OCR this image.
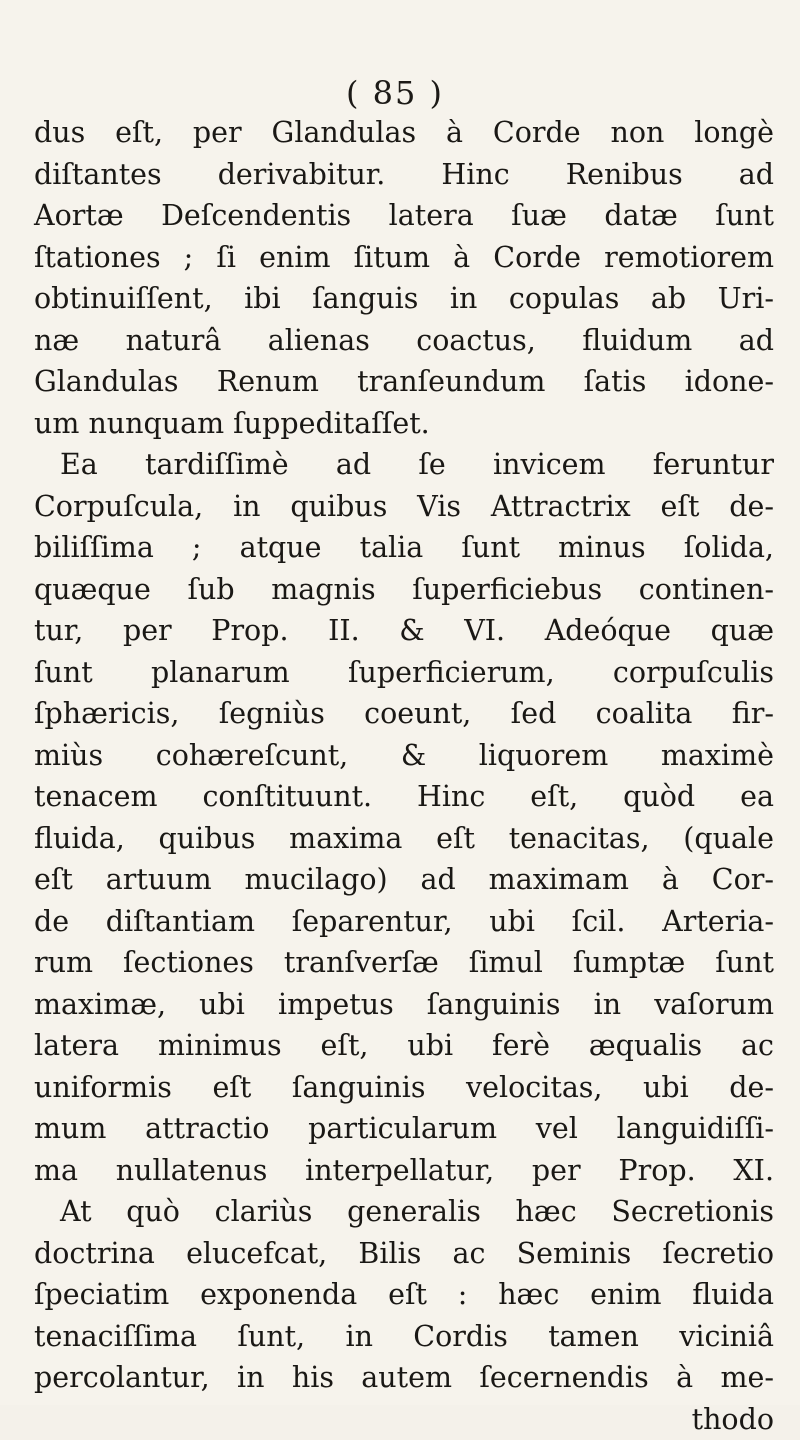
( 85 )
dus eſt, per Glandulas à Corde non longè
diſtantes derivabitur. Hinc Renibus ad
Aortæ Deſcendentis latera ſuæ datæ ſunt
ſtationes ; ſi enim ſitum à Corde remotiorem
obtinuiſſent, ibi ſanguis in copulas ab Uri-
næ naturâ alienas coactus, fluidum ad
Glandulas Renum tranſeundum ſatis idone-
um nunquam ſuppeditaſſet.
Ea tardiſſimè ad ſe invicem feruntur
Corpuſcula, in quibus Vis Attractrix eſt de-
biliſſima ; atque talia ſunt minus ſolida,
quæque ſub magnis ſuperficiebus continen-
tur, per Prop. II. & VI. Adeóque quæ
ſunt planarum ſuperficierum, corpuſculis
ſphæricis, ſegniùs coeunt, ſed coalita fir-
miùs cohæreſcunt, & liquorem maximè
tenacem conſtituunt. Hinc eſt, quòd ea
fluida, quibus maxima eſt tenacitas, (quale
eſt artuum mucilago) ad maximam à Cor-
de diſtantiam ſeparentur, ubi ſcil. Arteria-
rum ſectiones tranſverſæ ſimul ſumptæ ſunt
maximæ, ubi impetus ſanguinis in vaſorum
latera minimus eſt, ubi ferè æqualis ac
uniformis eſt ſanguinis velocitas, ubi de-
mum attractio particularum vel languidiſſi-
ma nullatenus interpellatur, per Prop. XI.
At quò clariùs generalis hæc Secretionis
doctrina elucefcat, Bilis ac Seminis ſecretio
ſpeciatim exponenda eſt : hæc enim fluida
tenaciſſima ſunt, in Cordis tamen viciniâ
percolantur, in his autem ſecernendis à me-
thodo
